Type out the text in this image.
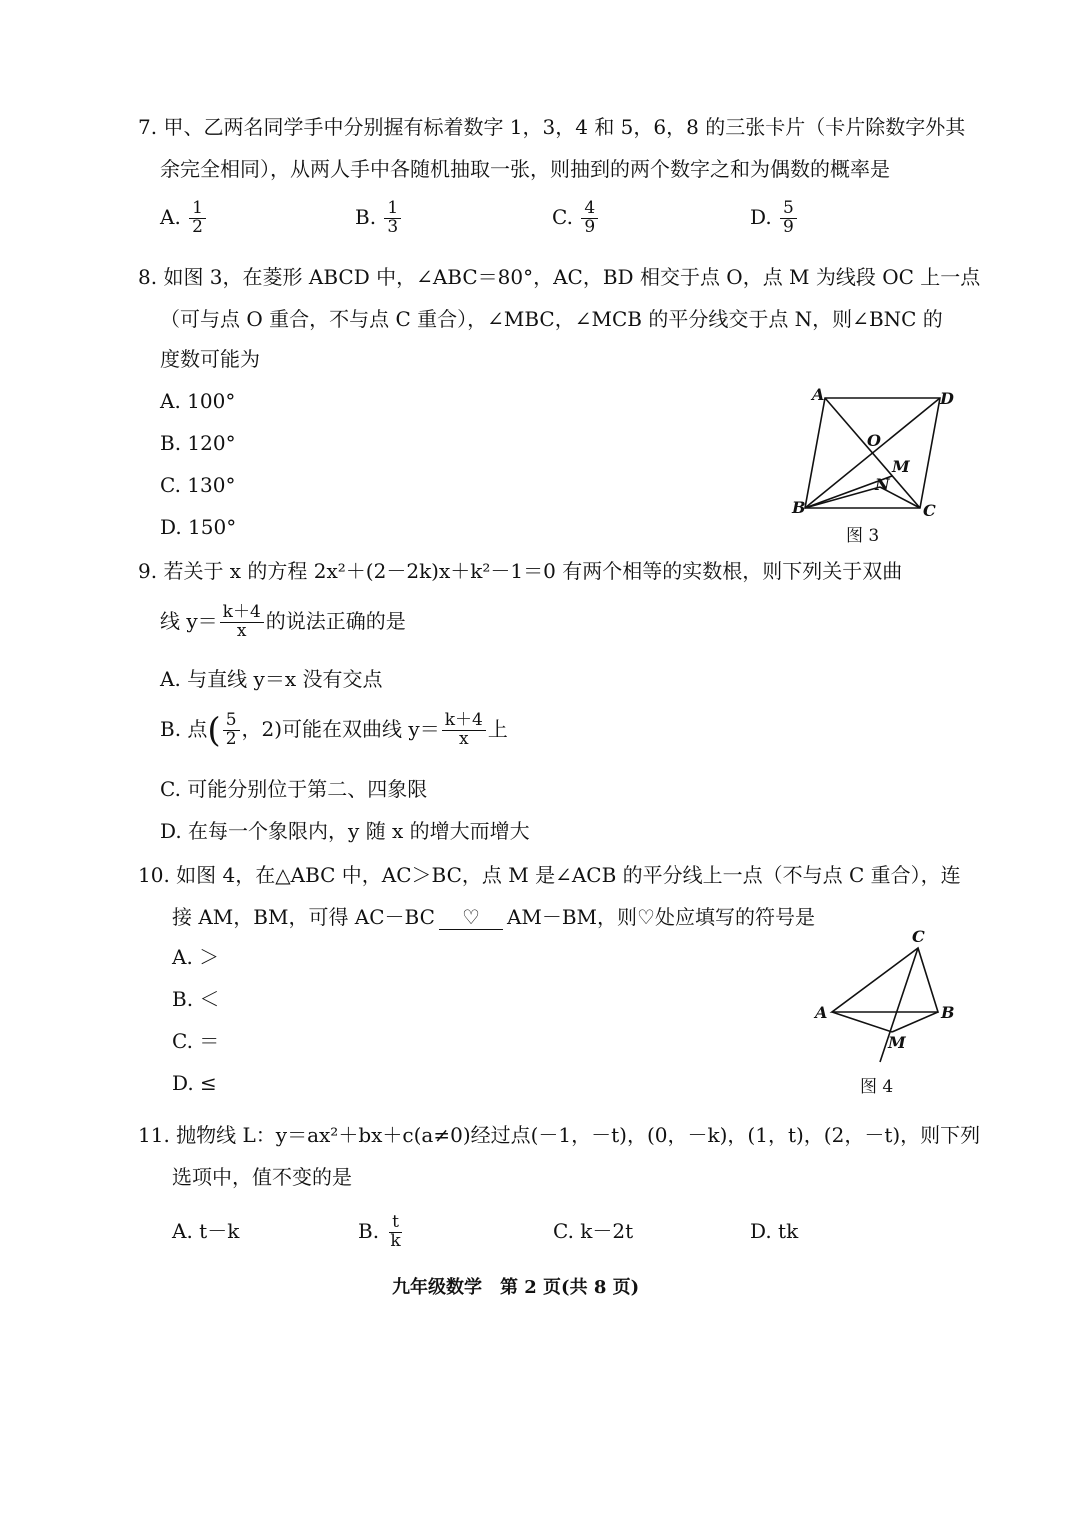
7. 甲、乙两名同学手中分别握有标着数字 1，3，4 和 5，6，8 的三张卡片（卡片除数字外其
余完全相同），从两人手中各随机抽取一张，则抽到的两个数字之和为偶数的概率是
A. $\frac{1}{2}$	B. $\frac{1}{3}$	C. $\frac{4}{9}$	D. $\frac{5}{9}$
8. 如图 3，在菱形 ABCD 中，∠ABC＝80°，AC，BD 相交于点 O，点 M 为线段 OC 上一点
（可与点 O 重合，不与点 C 重合），∠MBC，∠MCB 的平分线交于点 N，则∠BNC 的
度数可能为
A. 100°
B. 120°
C. 130°
D. 150°
A	D
O
M
N
B	C
图 3
9. 若关于 x 的方程 2x²＋(2－2k)x＋k²－1＝0 有两个相等的实数根，则下列关于双曲
线 $y= \frac{k+4}{x}$ 的说法正确的是
A. 与直线 y＝x 没有交点
B. 点( $\frac{5}{2}$ ，2)可能在双曲线 $y= \frac{k+4}{x}$ 上
C. 可能分别位于第二、四象限
D. 在每一个象限内，y 随 x 的增大而增大
10. 如图 4，在△ABC 中，AC＞BC，点 M 是∠ACB 的平分线上一点（不与点 C 重合），连
接 AM，BM，可得 AC－BC ♡ AM－BM，则♡处应填写的符号是
A. ＞
B. ＜
C. ＝
D. ≤
C
A	B
M
图 4
11. 抛物线 L：y＝ax²＋bx＋c(a≠0)经过点(－1，－t)，(0，－k)，(1，t)，(2，－t)，则下列
选项中，值不变的是
A. t－k	B. $\frac{t}{k}$	C. k－2t	D. tk
九年级数学　第 2 页(共 8 页)
